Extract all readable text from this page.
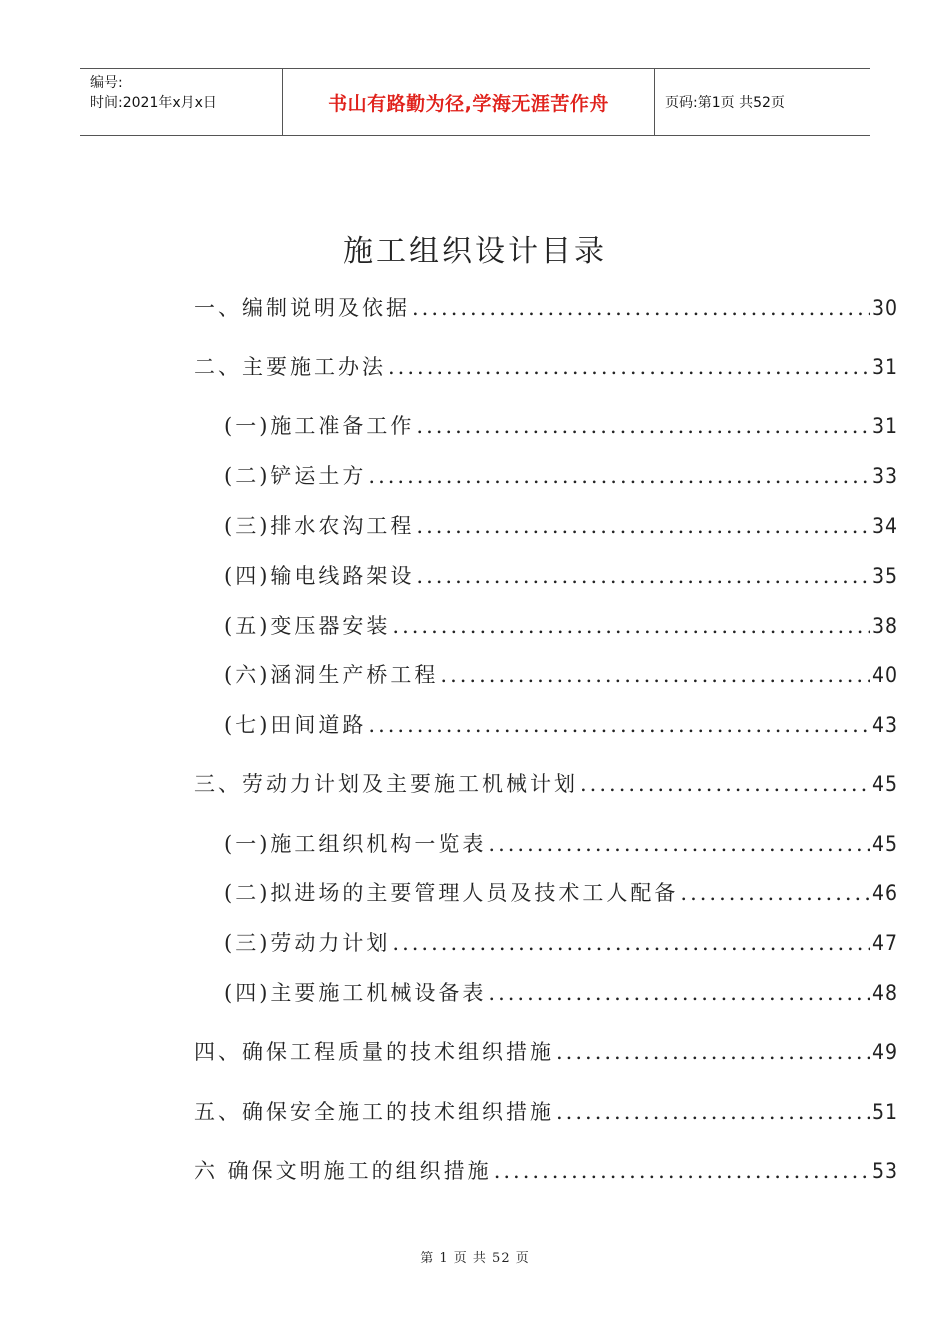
编号:
时间:2021年x月x日	书山有路勤为径,学海无涯苦作舟	页码:第1页 共52页
施工组织设计目录
一、编制说明及依据 .....	30
二、主要施工办法 .....	31
(一)施工准备工作 .....	31
(二)铲运土方 .....	33
(三)排水农沟工程 .....	34
(四)输电线路架设 .....	35
(五)变压器安装 .....	38
(六)涵洞生产桥工程 .....	40
(七)田间道路 .....	43
三、劳动力计划及主要施工机械计划 .....	45
(一)施工组织机构一览表 .....	45
(二)拟进场的主要管理人员及技术工人配备 .....	46
(三)劳动力计划 .....	47
(四)主要施工机械设备表 .....	48
四、确保工程质量的技术组织措施 .....	49
五、确保安全施工的技术组织措施 .....	51
六 确保文明施工的组织措施 .....	53
第 1 页 共 52 页
